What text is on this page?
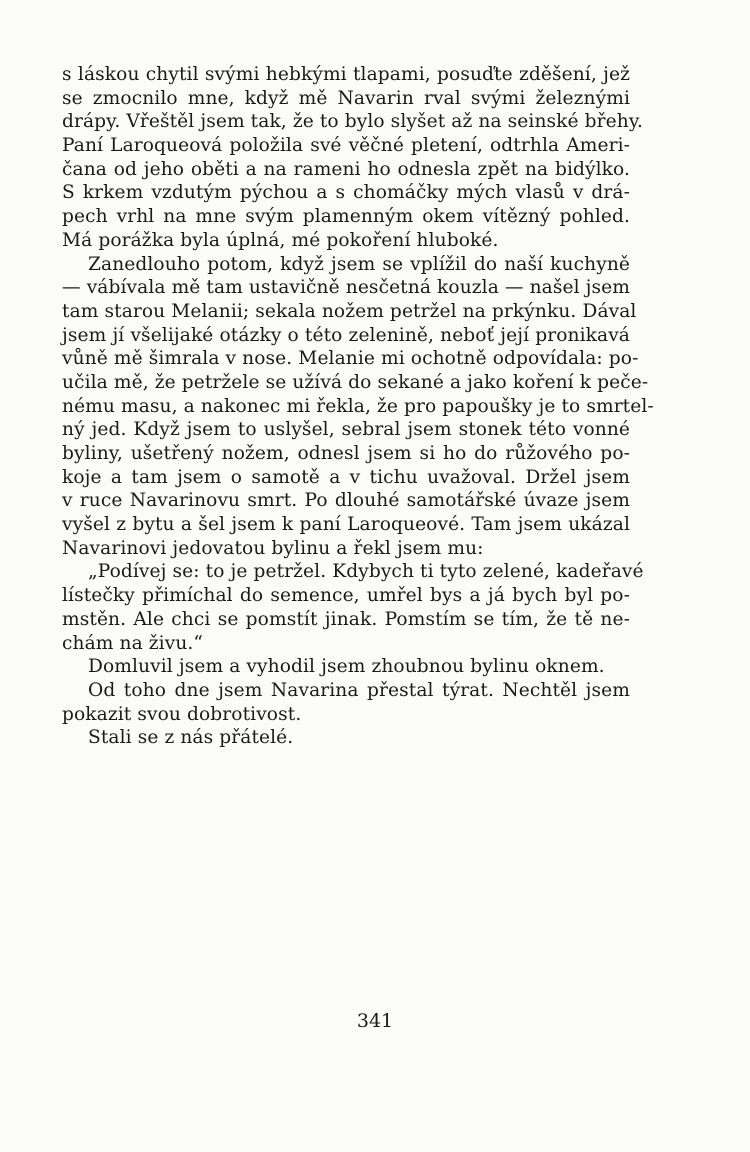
s láskou chytil svými hebkými tlapami, posuďte zděšení, jež
se zmocnilo mne, když mě Navarin rval svými železnými
drápy. Vřeštěl jsem tak, že to bylo slyšet až na seinské břehy.
Paní Laroqueová položila své věčné pletení, odtrhla Ameri-
čana od jeho oběti a na rameni ho odnesla zpět na bidýlko.
S krkem vzdutým pýchou a s chomáčky mých vlasů v drá-
pech vrhl na mne svým plamenným okem vítězný pohled.
Má porážka byla úplná, mé pokoření hluboké.
Zanedlouho potom, když jsem se vplížil do naší kuchyně
— vábívala mě tam ustavičně nesčetná kouzla — našel jsem
tam starou Melanii; sekala nožem petržel na prkýnku. Dával
jsem jí všelijaké otázky o této zelenině, neboť její pronikavá
vůně mě šimrala v nose. Melanie mi ochotně odpovídala: po-
učila mě, že petržele se užívá do sekané a jako koření k peče-
nému masu, a nakonec mi řekla, že pro papoušky je to smrtel-
ný jed. Když jsem to uslyšel, sebral jsem stonek této vonné
byliny, ušetřený nožem, odnesl jsem si ho do růžového po-
koje a tam jsem o samotě a v tichu uvažoval. Držel jsem
v ruce Navarinovu smrt. Po dlouhé samotářské úvaze jsem
vyšel z bytu a šel jsem k paní Laroqueové. Tam jsem ukázal
Navarinovi jedovatou bylinu a řekl jsem mu:
„Podívej se: to je petržel. Kdybych ti tyto zelené, kadeřavé
lístečky přimíchal do semence, umřel bys a já bych byl po-
mstěn. Ale chci se pomstít jinak. Pomstím se tím, že tě ne-
chám na živu.“
Domluvil jsem a vyhodil jsem zhoubnou bylinu oknem.
Od toho dne jsem Navarina přestal týrat. Nechtěl jsem
pokazit svou dobrotivost.
Stali se z nás přátelé.
341
